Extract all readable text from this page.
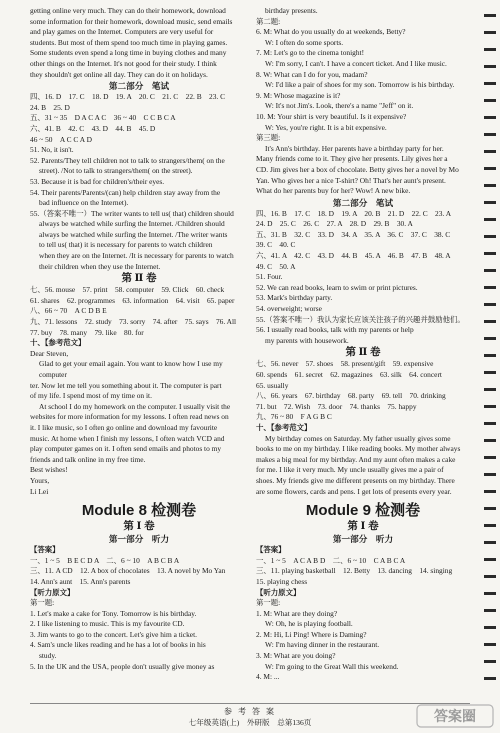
getting online very much. They can do their homework, download
some information for their homework, download music, send emails
and play games on the Internet. Computers are very useful for
students. But most of them spend too much time in playing games.
Some students even spend a long time in buying clothes and many
other things on the Internet. It's not good for their study. I think
they shouldn't get online all day. They can do it on holidays.
第二部分　笔试
四、16. D　17. C　18. D　19. A　20. C　21. C　22. B　23. C
24. B　25. D
五、31 ~ 35　D A C A C　36 ~ 40　C C B C A
六、41. B　42. C　43. D　44. B　45. D
46 ~ 50　A C C A D
51. No, it isn't.
52. Parents/They tell children not to talk to strangers/them( on the
street). /Not to talk to strangers/them( on the street).
53. Because it is bad for children's/their eyes.
54. Their parents/Parents/(can) help children stay away from the
bad influence on the Internet).
55.（答案不唯一）The writer wants to tell us( that) children should
always be watched while surfing the Internet. /Children should
always be watched while surfing the Internet. /The writer wants
to tell us( that) it is necessary for parents to watch children
when they are on the Internet. /It is necessary for parents to watch
their children when they use the Internet.
第 Ⅱ 卷
七、56. mouse　57. print　58. computer　59. Click　60. check
61. shares　62. programmes　63. information　64. visit　65. paper
八、66 ~ 70　A C D B E
九、71. lessons　72. study　73. sorry　74. after　75. says　76. All
77. buy　78. many　79. like　80. for
十、【参考范文】
Dear Steven,
Glad to get your email again. You want to know how I use my computer
ter. Now let me tell you something about it. The computer is part
of my life. I spend most of my time on it.
At school I do my homework on the computer. I usually visit the
websites for more information for my lessons. I often read news on
it. I like music, so I often go online and download my favourite
music. At home when I finish my lessons, I often watch VCD and
play computer games on it. I often send emails and photos to my
friends and talk online in my free time.
Best wishes!
Yours,
Li Lei
Module 8 检测卷
第 Ⅰ 卷
第一部分　听力
【答案】
一、1 ~ 5　B E C D A　二、6 ~ 10　A B C B A
三、11. A CD　12. A box of chocolates　13. A novel by Mo Yan
14. Ann's aunt　15. Ann's parents
【听力原文】
第一题:
1. Let's make a cake for Tony. Tomorrow is his birthday.
2. I like listening to music. This is my favourite CD.
3. Jim wants to go to the concert. Let's give him a ticket.
4. Sam's uncle likes reading and he has a lot of books in his
study.
5. In the UK and the USA, people don't usually give money as
birthday presents.
第二题:
6. M: What do you usually do at weekends, Betty?
W: I often do some sports.
7. M: Let's go to the cinema tonight!
W: I'm sorry, I can't. I have a concert ticket. And I like music.
8. W: What can I do for you, madam?
W: I'd like a pair of shoes for my son. Tomorrow is his birthday.
9. M: Whose magazine is it?
W: It's not Jim's. Look, there's a name "Jeff" on it.
10. M: Your shirt is very beautiful. Is it expensive?
W: Yes, you're right. It is a bit expensive.
第三题:
It's Ann's birthday. Her parents have a birthday party for her.
Many friends come to it. They give her presents. Lily gives her a
CD. Jim gives her a box of chocolate. Betty gives her a novel by Mo
Yan. Who gives her a nice T-shirt? Oh! That's her aunt's present.
What do her parents buy for her? Wow! A new bike.
第二部分　笔试
四、16. B　17. C　18. D　19. A　20. B　21. D　22. C　23. A
24. D　25. C　26. C　27. A　28. D　29. B　30. A
五、31. B　32. C　33. D　34. A　35. A　36. C　37. C　38. C
39. C　40. C
六、41. A　42. C　43. D　44. B　45. A　46. B　47. B　48. A
49. C　50. A
51. Four.
52. We can read books, learn to swim or print pictures.
53. Mark's birthday party.
54. overweight; worse
55.（答案不唯一）我认为家长应该关注孩子的兴趣并鼓励他们。
56. I usually read books, talk with my parents or help
my parents with housework.
第 Ⅱ 卷
七、56. never　57. shoes　58. present/gift　59. expensive
60. spends　61. secret　62. magazines　63. silk　64. concert
65. usually
八、66. years　67. birthday　68. party　69. tell　70. drinking
71. but　72. Wish　73. door　74. thanks　75. happy
九、76 ~ 80　F A G B C
十、【参考范文】
My birthday comes on Saturday. My father usually gives some
books to me on my birthday. I like reading books. My mother always
makes a big meal for my birthday. And my aunt often makes a cake
for me. I like it very much. My uncle usually gives me a pair of
shoes. My friends give me different presents on my birthday. There
are some flowers, cards and pens. I get lots of presents every year.
Module 9 检测卷
第 Ⅰ 卷
第一部分　听力
【答案】
一、1 ~ 5　A C A B D　二、6 ~ 10　C A B C A
三、11. playing basketball　12. Betty　13. dancing　14. singing
15. playing chess
【听力原文】
第一题:
1. M: What are they doing?
W: Oh, he is playing football.
2. M: Hi, Li Ping! Where is Daming?
W: I'm having dinner in the restaurant.
3. M: What are you doing?
W: I'm going to the Great Wall this weekend.
4. M: ...
参 考 答 案
七年级英语(上)　外研版　总第136页	答案圈
